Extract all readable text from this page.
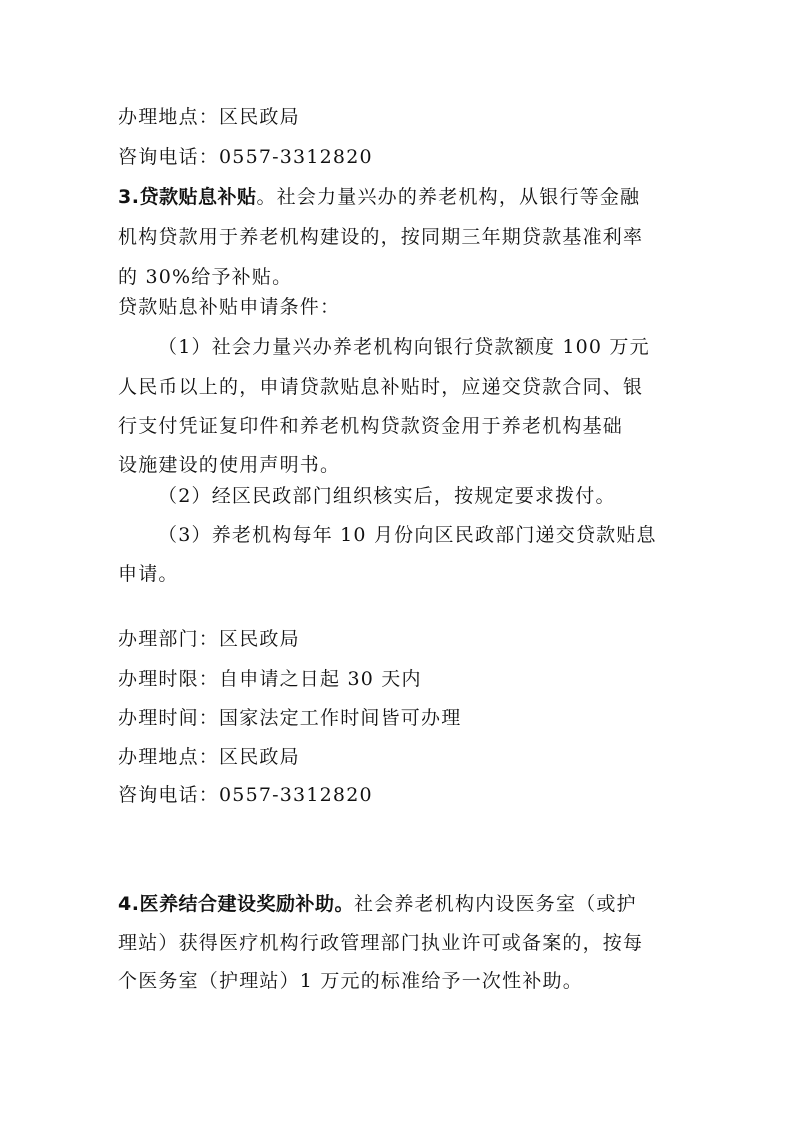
办理地点：区民政局
咨询电话：0557-3312820
3.贷款贴息补贴。社会力量兴办的养老机构，从银行等金融
机构贷款用于养老机构建设的，按同期三年期贷款基准利率
的 30%给予补贴。
贷款贴息补贴申请条件：
（1）社会力量兴办养老机构向银行贷款额度 100 万元
人民币以上的，申请贷款贴息补贴时，应递交贷款合同、银
行支付凭证复印件和养老机构贷款资金用于养老机构基础
设施建设的使用声明书。
（2）经区民政部门组织核实后，按规定要求拨付。
（3）养老机构每年 10 月份向区民政部门递交贷款贴息
申请。
办理部门：区民政局
办理时限：自申请之日起 30 天内
办理时间：国家法定工作时间皆可办理
办理地点：区民政局
咨询电话：0557-3312820
4.医养结合建设奖励补助。社会养老机构内设医务室（或护
理站）获得医疗机构行政管理部门执业许可或备案的，按每
个医务室（护理站）1 万元的标准给予一次性补助。
